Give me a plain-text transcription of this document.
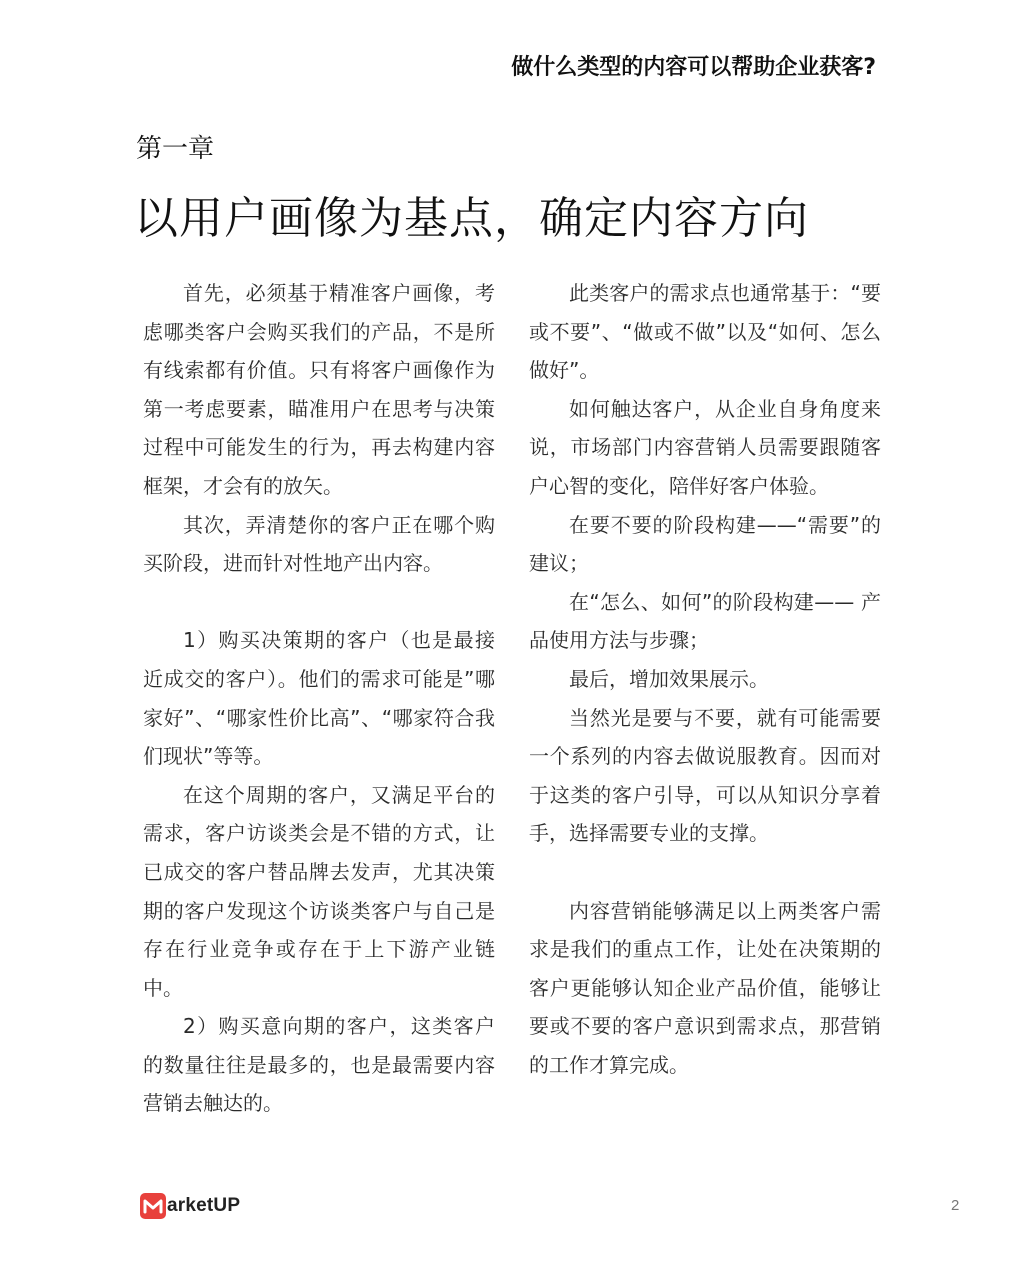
做什么类型的内容可以帮助企业获客?
第一章
以用户画像为基点，确定内容方向

首先，必须基于精准客户画像，考虑哪类客户会购买我们的产品，不是所有线索都有价值。只有将客户画像作为第一考虑要素，瞄准用户在思考与决策过程中可能发生的行为，再去构建内容框架，才会有的放矢。

其次，弄清楚你的客户正在哪个购买阶段，进而针对性地产出内容。

1）购买决策期的客户（也是最接近成交的客户）。他们的需求可能是”哪家好”、“哪家性价比高”、“哪家符合我们现状”等等。

在这个周期的客户，又满足平台的需求，客户访谈类会是不错的方式，让已成交的客户替品牌去发声，尤其决策期的客户发现这个访谈类客户与自己是存在行业竞争或存在于上下游产业链中。

2）购买意向期的客户，这类客户的数量往往是最多的，也是最需要内容营销去触达的。

此类客户的需求点也通常基于：“要或不要”、“做或不做”以及“如何、怎么做好”。

如何触达客户，从企业自身角度来说，市场部门内容营销人员需要跟随客户心智的变化，陪伴好客户体验。

在要不要的阶段构建——“需要”的建议；

在“怎么、如何”的阶段构建—— 产品使用方法与步骤；

最后，增加效果展示。

当然光是要与不要，就有可能需要一个系列的内容去做说服教育。因而对于这类的客户引导，可以从知识分享着手，选择需要专业的支撑。

内容营销能够满足以上两类客户需求是我们的重点工作，让处在决策期的客户更能够认知企业产品价值，能够让要或不要的客户意识到需求点，那营销的工作才算完成。

arketUP	2
